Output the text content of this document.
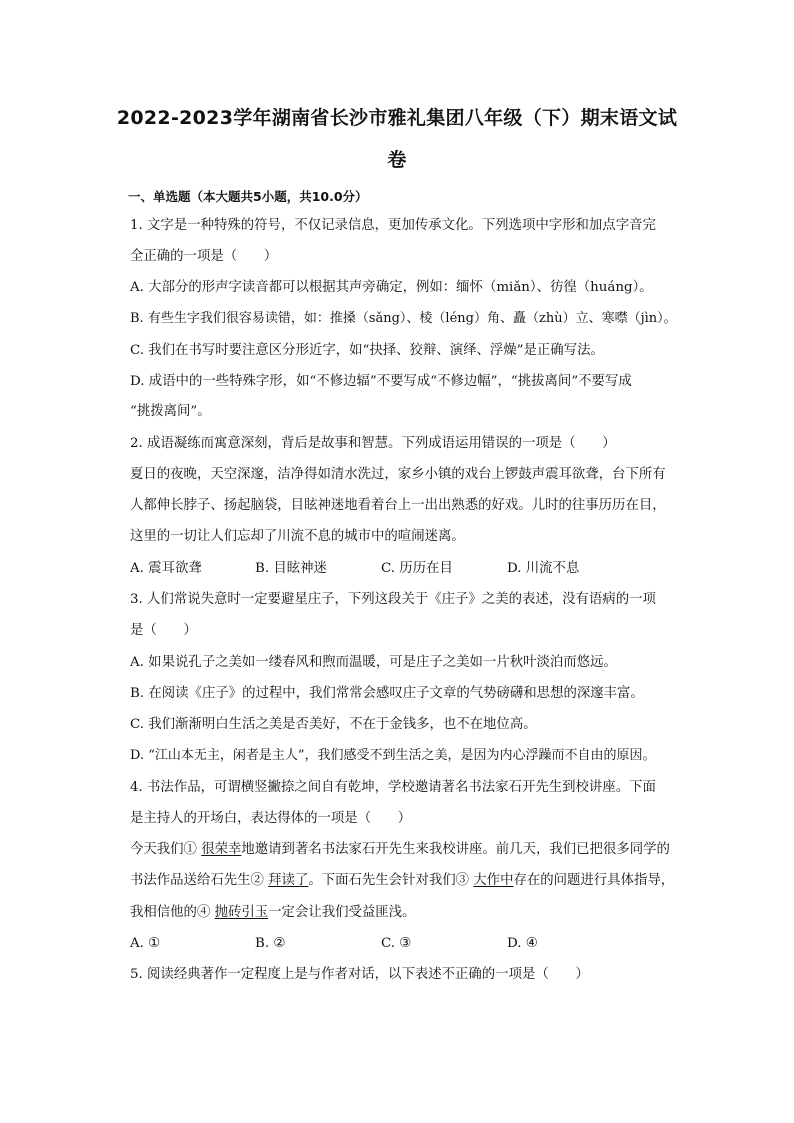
2022-2023学年湖南省长沙市雅礼集团八年级（下）期末语文试
卷
一、单选题（本大题共5小题，共10.0分）
1. 文字是一种特殊的符号，不仅记录信息，更加传承文化。下列选项中字形和加点字音完
全正确的一项是（　　）
A. 大部分的形声字读音都可以根据其声旁确定，例如：缅怀（miǎn）、彷徨（huáng）。
B. 有些生字我们很容易读错，如：推搡（sǎng）、棱（léng）角、矗（zhù）立、寒噤（jìn）。
C. 我们在书写时要注意区分形近字，如“抉择、狡辩、演绎、浮燥”是正确写法。
D. 成语中的一些特殊字形，如“不修边辐”不要写成“不修边幅”，“挑拔离间”不要写成
“挑拨离间”。
2. 成语凝练而寓意深刻，背后是故事和智慧。下列成语运用错误的一项是（　　）
夏日的夜晚，天空深邃，洁净得如清水洗过，家乡小镇的戏台上锣鼓声震耳欲聋，台下所有
人都伸长脖子、扬起脑袋，目眩神迷地看着台上一出出熟悉的好戏。儿时的往事历历在目，
这里的一切让人们忘却了川流不息的城市中的喧闹迷离。
A. 震耳欲聋	B. 目眩神迷	C. 历历在目	D. 川流不息
3. 人们常说失意时一定要避星庄子，下列这段关于《庄子》之美的表述，没有语病的一项
是（　　）
A. 如果说孔子之美如一缕春风和煦而温暖，可是庄子之美如一片秋叶淡泊而悠远。
B. 在阅读《庄子》的过程中，我们常常会感叹庄子文章的气势磅礴和思想的深邃丰富。
C. 我们渐渐明白生活之美是否美好，不在于金钱多，也不在地位高。
D. “江山本无主，闲者是主人”，我们感受不到生活之美，是因为内心浮躁而不自由的原因。
4. 书法作品，可谓横竖撇捺之间自有乾坤，学校邀请著名书法家石开先生到校讲座。下面
是主持人的开场白，表达得体的一项是（　　）
今天我们① 很荣幸地邀请到著名书法家石开先生来我校讲座。前几天，我们已把很多同学的
书法作品送给石先生② 拜读了。下面石先生会针对我们③ 大作中存在的问题进行具体指导，
我相信他的④ 抛砖引玉一定会让我们受益匪浅。
A. ①	B. ②	C. ③	D. ④
5. 阅读经典著作一定程度上是与作者对话，以下表述不正确的一项是（　　）
